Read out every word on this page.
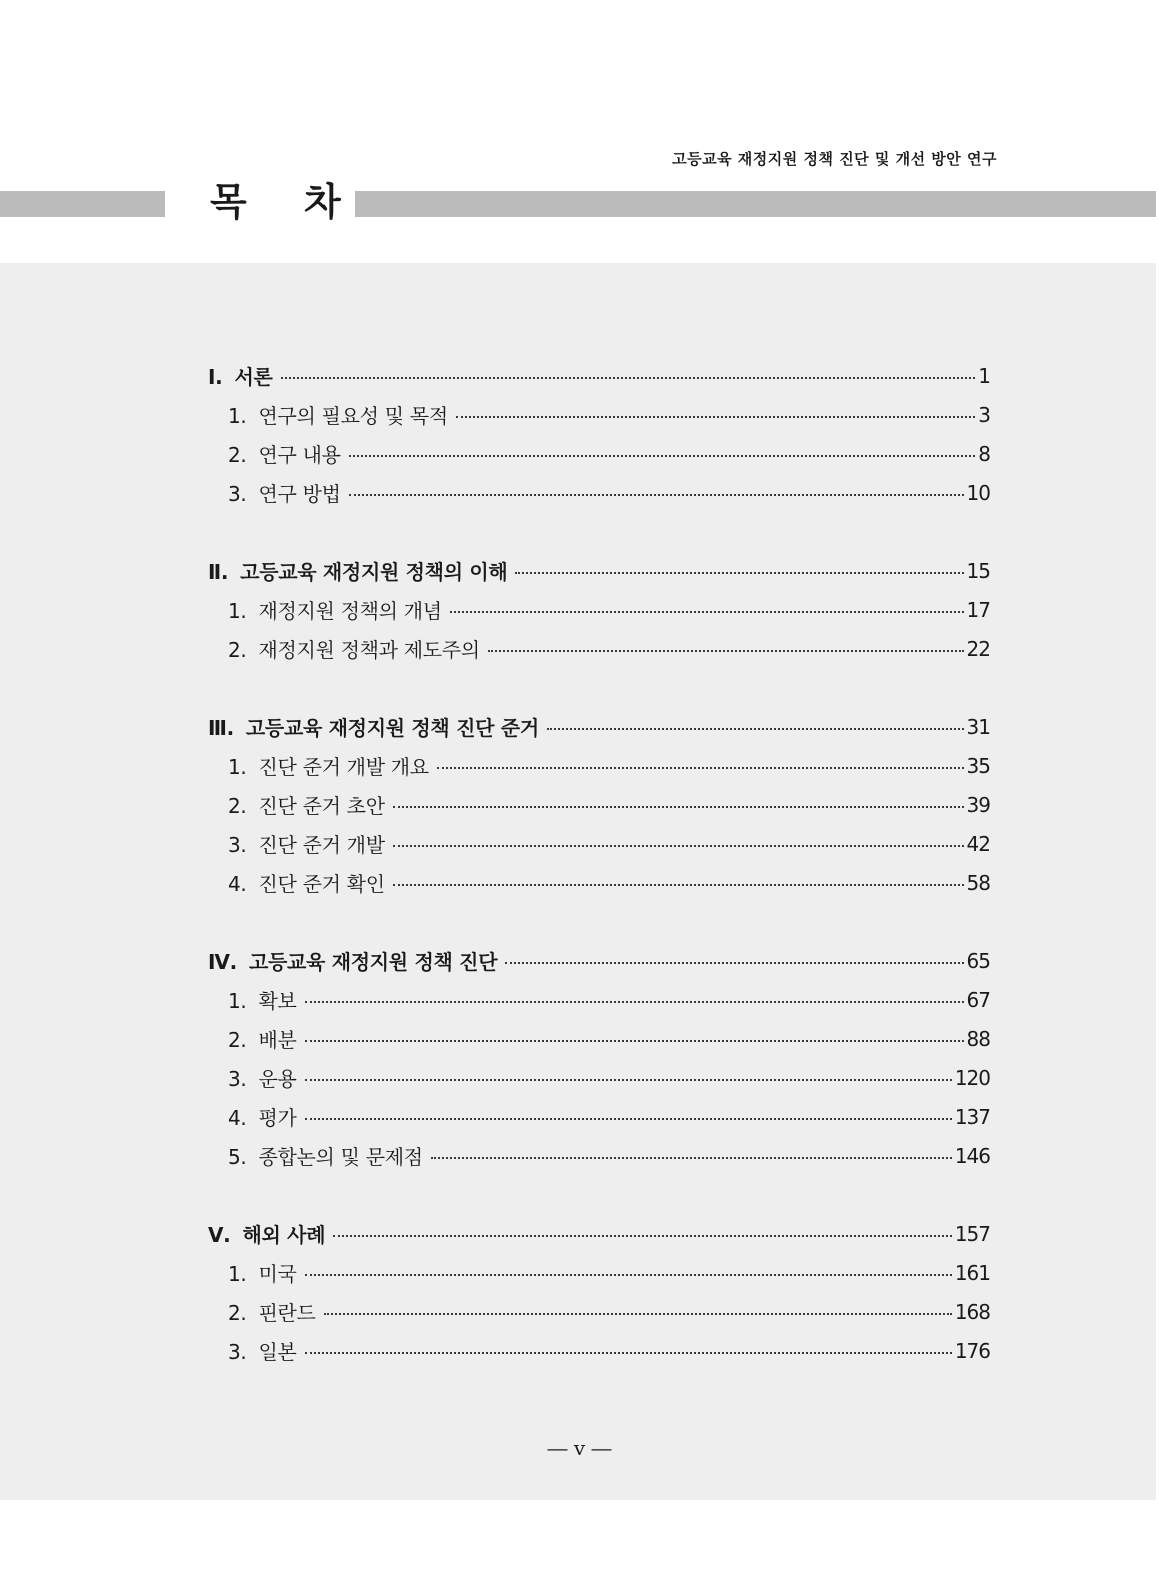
고등교육 재정지원 정책 진단 및 개선 방안 연구
목 차
Ⅰ. 서론	1
1. 연구의 필요성 및 목적	3
2. 연구 내용	8
3. 연구 방법	10
Ⅱ. 고등교육 재정지원 정책의 이해	15
1. 재정지원 정책의 개념	17
2. 재정지원 정책과 제도주의	22
Ⅲ. 고등교육 재정지원 정책 진단 준거	31
1. 진단 준거 개발 개요	35
2. 진단 준거 초안	39
3. 진단 준거 개발	42
4. 진단 준거 확인	58
Ⅳ. 고등교육 재정지원 정책 진단	65
1. 확보	67
2. 배분	88
3. 운용	120
4. 평가	137
5. 종합논의 및 문제점	146
Ⅴ. 해외 사례	157
1. 미국	161
2. 핀란드	168
3. 일본	176
― v ―
